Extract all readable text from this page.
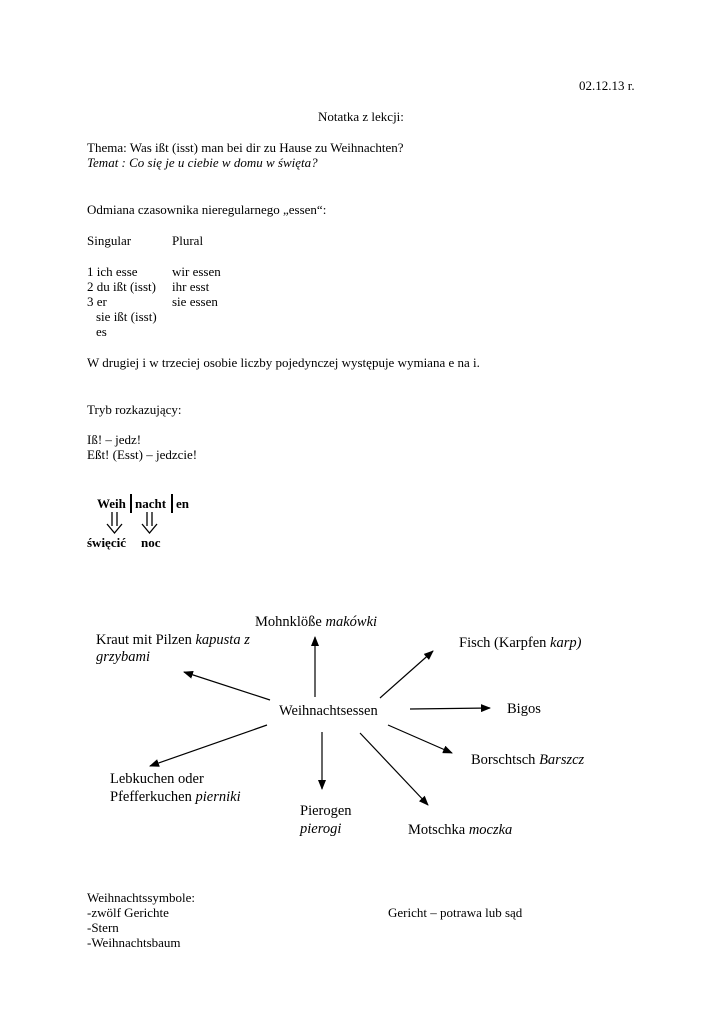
02.12.13 r.

Notatka z lekcji:

Thema: Was ißt (isst) man bei dir zu Hause zu Weihnachten?

Temat : Co się je u ciebie w domu w święta?

Odmiana czasownika nieregularnego „essen“:

Singular	Plural

1 ich esse

2 du ißt (isst)

3 er

sie ißt (isst)

es

wir essen

ihr esst

sie essen

W drugiej i w trzeciej osobie liczby pojedynczej występuje wymiana e na i.

Tryb rozkazujący:

Iß! – jedz!

Eßt! (Esst) – jedzcie!

Weih nacht en

święcić noc

Weihnachtsessen

Mohnklöße makówki

Kraut mit Pilzen kapusta z

grzybami

Fisch (Karpfen karp)

Bigos

Borschtsch Barszcz

Lebkuchen oder

Pfefferkuchen pierniki

Pierogen

pierogi	Motschka moczka

Weihnachtssymbole:

-zwölf Gerichte

-Stern

-Weihnachtsbaum

Gericht – potrawa lub sąd
